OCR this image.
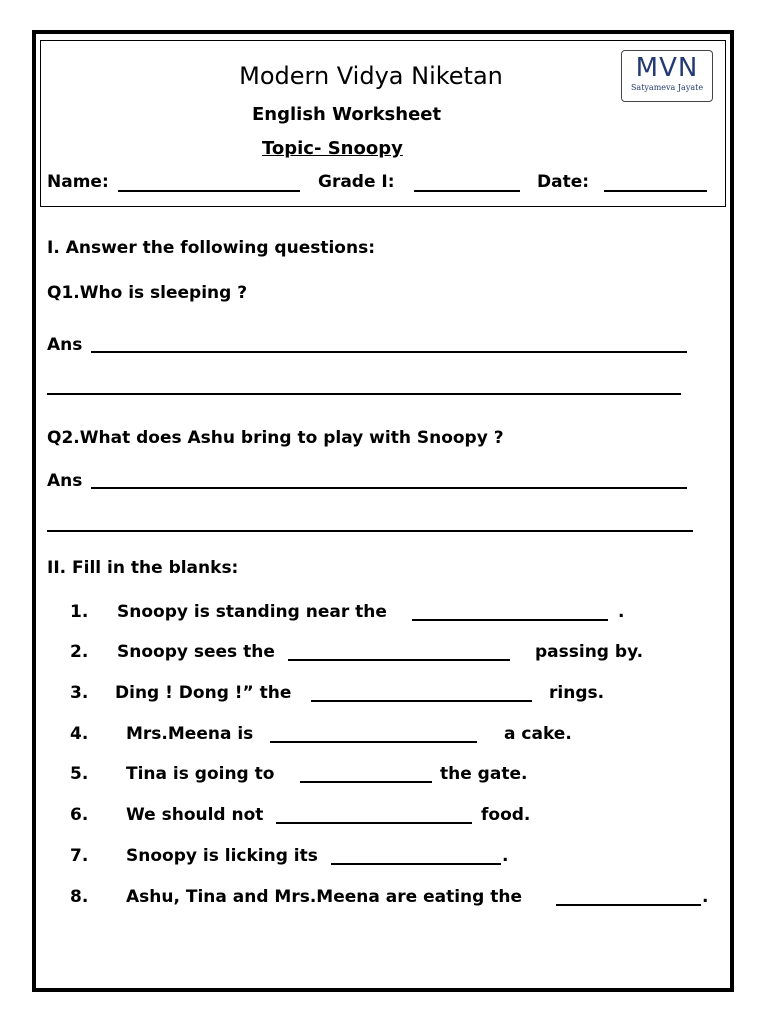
Modern Vidya Niketan
English Worksheet
Topic- Snoopy
MVN
Satyameva Jayate
Name:	Grade I:	Date:
I. Answer the following questions:
Q1.Who is sleeping ?
Ans
Q2.What does Ashu bring to play with Snoopy ?
Ans
II. Fill in the blanks:
1. Snoopy is standing near the	.
2. Snoopy sees the	passing by.
3. Ding ! Dong !” the	rings.
4. Mrs.Meena is	a cake.
5. Tina is going to	the gate.
6. We should not	food.
7. Snoopy is licking its	.
8. Ashu, Tina and Mrs.Meena are eating the	.
